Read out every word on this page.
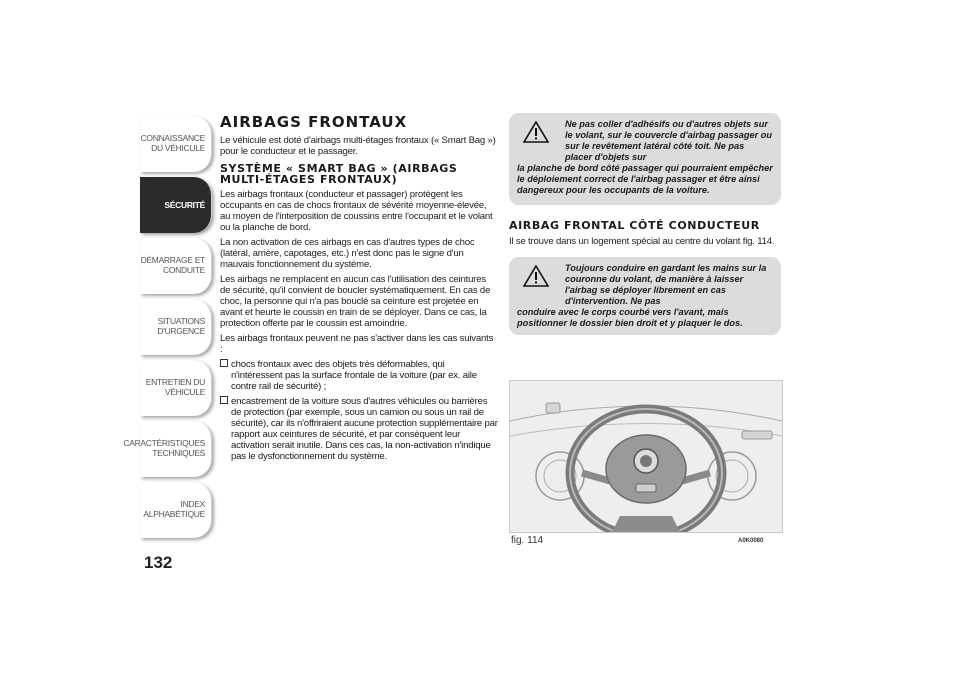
CONNAISSANCE DU VÉHICULE
SÉCURITÉ
DÉMARRAGE ET CONDUITE
SITUATIONS D'URGENCE
ENTRETIEN DU VÉHICULE
CARACTÉRISTIQUES TECHNIQUES
INDEX ALPHABÉTIQUE
132
AIRBAGS FRONTAUX

Le véhicule est doté d'airbags multi-étages frontaux (« Smart Bag ») pour le conducteur et le passager.

SYSTÈME « SMART BAG » (AIRBAGS MULTI-ÉTAGES FRONTAUX)

Les airbags frontaux (conducteur et passager) protègent les occupants en cas de chocs frontaux de sévérité moyenne-élevée, au moyen de l'interposition de coussins entre l'occupant et le volant ou la planche de bord.

La non activation de ces airbags en cas d'autres types de choc (latéral, arrière, capotages, etc.) n'est donc pas le signe d'un mauvais fonctionnement du système.

Les airbags ne remplacent en aucun cas l'utilisation des ceintures de sécurité, qu'il convient de boucler systématiquement. En cas de choc, la personne qui n'a pas bouclé sa ceinture est projetée en avant et heurte le coussin en train de se déployer. Dans ce cas, la protection offerte par le coussin est amoindrie.

Les airbags frontaux peuvent ne pas s'activer dans les cas suivants :

chocs frontaux avec des objets très déformables, qui n'intéressent pas la surface frontale de la voiture (par ex. aile contre rail de sécurité) ;
encastrement de la voiture sous d'autres véhicules ou barrières de protection (par exemple, sous un camion ou sous un rail de sécurité), car ils n'offriraient aucune protection supplémentaire par rapport aux ceintures de sécurité, et par conséquent leur activation serait inutile. Dans ces cas, la non-activation n'indique pas le dysfonctionnement du système.
Ne pas coller d'adhésifs ou d'autres objets sur le volant, sur le couvercle d'airbag passager ou sur le revêtement latéral côté toit. Ne pas placer d'objets sur
la planche de bord côté passager qui pourraient empêcher le déploiement correct de l'airbag passager et être ainsi dangereux pour les occupants de la voiture.
AIRBAG FRONTAL CÔTÉ CONDUCTEUR

Il se trouve dans un logement spécial au centre du volant fig. 114.

Toujours conduire en gardant les mains sur la couronne du volant, de manière à laisser l'airbag se déployer librement en cas d'intervention. Ne pas
conduire avec le corps courbé vers l'avant, mais positionner le dossier bien droit et y plaquer le dos.
fig. 114	A0K0080
